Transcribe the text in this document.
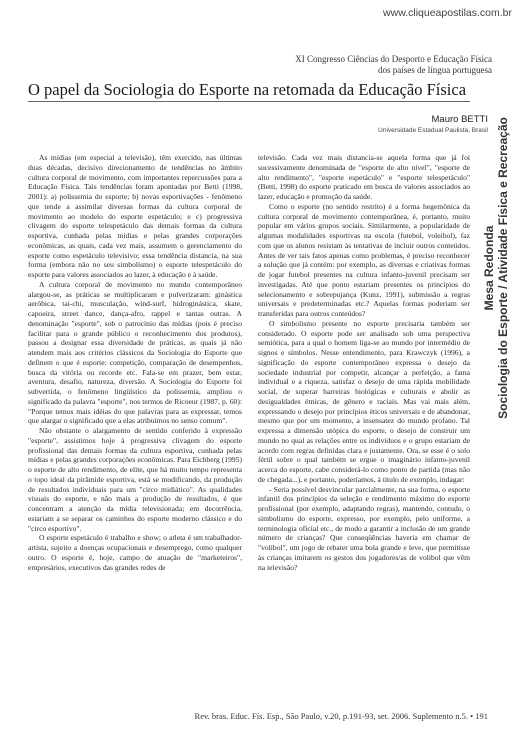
www.cliqueapostilas.com.br
XI Congresso Ciências do Desporto e Educação Física
dos países de língua portuguesa
O papel da Sociologia do Esporte na retomada da Educação Física
Mauro BETTI
Universidade Estadual Paulista, Brasil
Mesa Redonda Sociologia do Esporte / Atividade Física e Recreação

As mídias (em especial a televisão), têm exercido, nas últimas duas décadas, decisivo direcionamento de tendências no âmbito cultura corporal de movimento, com importantes repercussões para a Educação Física. Tais tendências foram apontadas por Betti (1998, 2001): a) polissemia do esporte; b) novas esportivações - fenômeno que tende a assimilar diversas formas da cultura corporal de movimento ao modelo do esporte espetáculo; e c) progressiva clivagem do esporte telespetáculo das demais formas da cultura esportiva, cunhada pelas mídias e pelas grandes corporações econômicas, as quais, cada vez mais, assumem o gerenciamento do esporte como espetáculo televisivo; essa tendência distancia, na sua forma (embora não no seu simbolismo) o esporte telespetáculo do esporte para valores associados ao lazer, à educação e à saúde.

A cultura corporal de movimento no mundo contemporâneo alargou-se, as práticas se multiplicaram e pulverizaram: ginástica aeróbica, tai-chi, musculação, wind-surf, hidroginástica, skate, capoeira, street dance, dança-afro, rappel e tantas outras. A denominação "esporte", sob o patrocínio das mídias (pois é preciso facilitar para o grande público o reconhecimento dos produtos), passou a designar essa diversidade de práticas, as quais já não atendem mais aos critérios clássicos da Sociologia do Esporte que definem o que é esporte: competição, comparação de desempenhos, busca da vitória ou recorde etc. Fala-se em prazer, bem estar, aventura, desafio, natureza, diversão. A Sociologia do Esporte foi subvertida, o fenômeno lingüístico da polissemia, ampliou o significado da palavra "esporte", nos termos de Ricoeur (1987, p. 60): "Porque temos mais idéias do que palavras para as expressar, temos que alargar o significado que a elas atribuímos no senso comum".

Não obstante o alargamento de sentido conferido à expressão "esporte", assistimos hoje à progressiva clivagem do esporte profissional das demais formas da cultura esportiva, cunhada pelas mídias e pelas grandes corporações econômicas. Para Eichberg (1995) o esporte de alto rendimento, de elite, que há muito tempo representa o topo ideal da pirâmide esportiva, está se modificando, da produção de resultados individuais para um "circo midiático". As qualidades visuais do esporte, e não mais a produção de resultados, é que concentram a atenção da mídia televisionada; em decorrência, estariam a se separar os caminhos do esporte moderno clássico e do "circo esportivo".

O esporte espetáculo é trabalho e show; o atleta é um trabalhador-artista, sujeito a doenças ocupacionais e desemprego, como qualquer outro. O esporte é, hoje, campo de atuação de "marketeiros", empresários, executivos das grandes redes de

televisão. Cada vez mais distancia-se aquela forma que já foi sucessivamente denominada de "esporte de alto nível", "esporte de alto rendimento", "esporte espetáculo" e "esporte telespetáculo" (Betti, 1998) do esporte praticado em busca de valores associados ao lazer, educação e promoção da saúde.

Como o esporte (no sentido restrito) é a forma hegemônica da cultura corporal de movimento contemporânea, é, portanto, muito popular em vários grupos sociais. Similarmente, a popularidade de algumas modalidades esportivas na escola (futebol, voleibol), faz com que os alunos resistam às tentativas de incluir outros conteúdos. Antes de ver tais fatos apenas como problemas, é preciso reconhecer a solução que já contém: por exemplo, as diversas e criativas formas de jogar futebol presentes na cultura infanto-juvenil precisam ser investigadas. Até que ponto estariam presentes os princípios do selecionamento e sobrepujança (Kunz, 1991), submissão a regras universais e predeterminadas etc.? Aquelas formas poderiam ser transferidas para outros conteúdos?

O simbolismo presente no esporte precisaria também ser considerado. O esporte pode ser analisado sob uma perspectiva semiótica, para a qual o homem liga-se ao mundo por intermédio de signos e símbolos. Nesse entendimento, para Krawczyk (1996), a significação do esporte contemporâneo expressa o desejo da sociedade industrial por competir, alcançar a perfeição, a fama individual e a riqueza, satisfaz o desejo de uma rápida mobilidade social, de superar barreiras biológicas e culturais e abolir as desigualdades étnicas, de gênero e raciais. Mas vai mais além, expressando o desejo por princípios éticos universais e de abandonar, mesmo que por um momento, a insensatez do mundo profano. Tal expressa a dimensão utópica do esporte, o desejo de construir um mundo no qual as relações entre os indivíduos e o grupo estariam de acordo com regras definidas clara e justamente. Ora, se esse é o solo fértil sobre o qual também se ergue o imaginário infanto-juvenil acerca do esporte, cabe considerá-lo como ponto de partida (mas não de chegada...), e portanto, poderíamos, à título de exemplo, indagar:

- Seria possível desvincular parcialmente, na sua forma, o esporte infantil dos princípios da seleção e rendimento máximo do esporte profissional (por exemplo, adaptando regras), mantendo, contudo, o simbolismo do esporte, expresso, por exemplo, pelo uniforme, a terminologia oficial etc., de modo a garantir a inclusão de um grande número de crianças? Que conseqüências haveria em chamar de "volibol", um jogo de rebater uma bola grande e leve, que permitisse às crianças imitarem os gestos dos jogadores/as de volibol que vêm na televisão?

Rev. bras. Educ. Fís. Esp., São Paulo, v.20, p.191-93, set. 2006. Suplemento n.5. • 191
